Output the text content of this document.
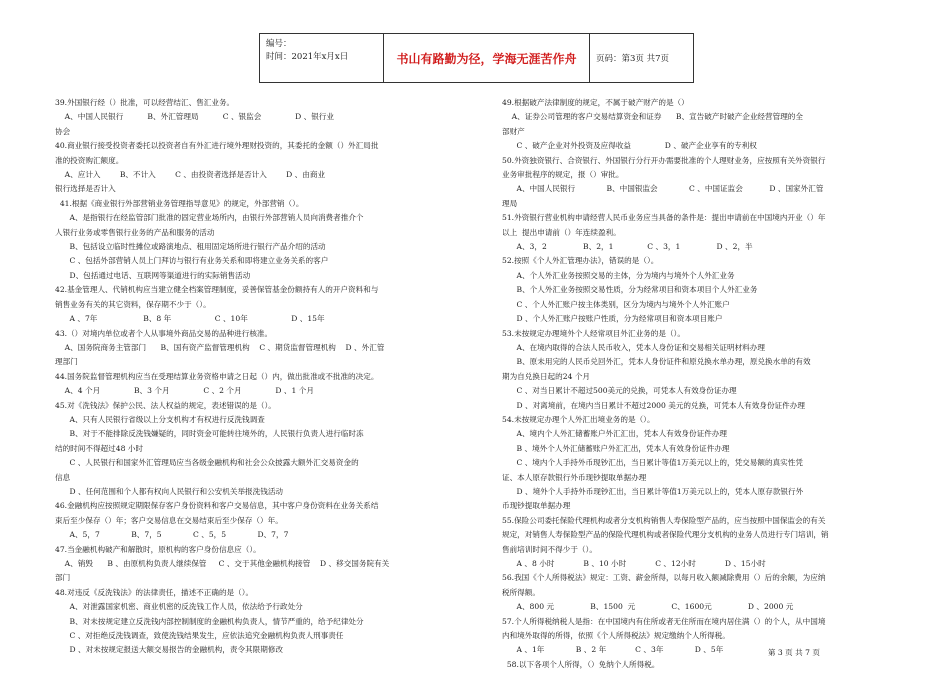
编号：
时间：2021年x月x日	书山有路勤为径，学海无涯苦作舟	页码：第3页 共7页
39.外国银行经（）批准，可以经营结汇、售汇业务。
A、中国人民银行          B、外汇管理局          C 、银监会              D 、银行业
协会
40.商业银行接受投资者委托以投资者自有外汇进行境外理财投资的，其委托的金额（）外汇局批
准的投资购汇额度。
A、应计入        B、不计入        C 、由投资者选择是否计入        D 、由商业
银行选择是否计入
41.根据《商业银行外部营销业务管理指导意见》的规定，外部营销（）。
A、是指银行在经监管部门批准的固定营业场所内，由银行外部营销人员向消费者推介个
人银行业务或零售银行业务的产品和服务的活动
B、包括设立临时性摊位或路演地点、租用固定场所进行银行产品介绍的活动
C 、包括外部营销人员上门拜访与银行有业务关系和即将建立业务关系的客户
D、包括通过电话、互联网等渠道进行的实际销售活动
42.基金管理人、代销机构应当建立健全档案管理制度，妥善保管基金份额持有人的开户资料和与
销售业务有关的其它资料，保存期不少于（）。
A 、7年                   B、8 年                  C 、10年                  D 、15年
43.（）对境内单位或者个人从事境外商品交易的品种进行核准。
A、国务院商务主管部门      B、国有资产监督管理机构    C 、期货监督管理机构    D 、外汇管
理部门
44.国务院监督管理机构应当在受理结算业务资格申请之日起（）内，做出批准或不批准的决定。
A、4 个月              B、3 个月              C 、2 个月              D 、1 个月
45.对《洗钱法》保护公民、法人权益的规定，表述错误的是（）。
A、只有人民银行省级以上分支机构才有权进行反洗钱调查
B、对于不能排除反洗钱嫌疑的，同时资金可能转往境外的，人民银行负责人进行临时冻
结的时间不得超过48 小时
C 、人民银行和国家外汇管理局应当各级金融机构和社会公众披露大额外汇交易资金的
信息
D 、任何范围和个人都有权向人民银行和公安机关举报洗钱活动
46.金融机构应按照规定期限保存客户身份资料和客户交易信息，其中客户身份资料在业务关系结
束后至少保存（）年；客户交易信息在交易结束后至少保存（）年。
A、5，7             B、7，5             C 、5，5             D、7，7
47.当金融机构破产和解散时，原机构的客户身份信息应（）。
A、销毁      B 、由原机构负责人继续保管     C 、交于其他金融机构接管    D 、移交国务院有关
部门
48.对违反《反洗钱法》的法律责任，描述不正确的是（）。
A、对泄露国家机密、商业机密的反洗钱工作人员，依法给予行政处分
B、对未按规定建立反洗钱内部控制制度的金融机构负责人，情节严重的，给予纪律处分
C 、对拒绝反洗钱调查，致使洗钱结果发生，应依法追究金融机构负责人刑事责任
D 、对未按规定报送大额交易报告的金融机构，责令其限期修改
49.根据破产法律制度的规定，不属于破产财产的是（）
A、证券公司管理的客户交易结算资金和证券      B、宣告破产时破产企业经营管理的全
部财产
C 、破产企业对外投资及应得收益              D 、破产企业享有的专利权
50.外资独资银行、合资银行、外国银行分行开办需要批准的个人理财业务，应按照有关外资银行
业务审批程序的规定，报（）审批。
A、中国人民银行             B、中国银监会             C 、中国证监会           D 、国家外汇管
理局
51.外资银行营业机构申请经营人民币业务应当具备的条件是：提出申请前在中国境内开业（）年
以上  提出申请前（）年连续盈利。
A、3，2               B、2，1              C 、3，1               D 、2，半
52.按照《个人外汇管理办法》，错误的是（）。
A、个人外汇业务按照交易的主体，分为境内与境外个人外汇业务
B、个人外汇业务按照交易性质，分为经常项目和资本项目个人外汇业务
C 、个人外汇账户按主体类别，区分为境内与境外个人外汇账户
D 、个人外汇账户按账户性质，分为经常项目和资本项目账户
53.未按规定办理境外个人经常项目外汇业务的是（）。
A、在境内取得的合法人民币收入，凭本人身份证和交易相关证明材料办理
B、原未用完的人民币兑回外汇，凭本人身份证件和原兑换水单办理，原兑换水单的有效
期为自兑换日起的24 个月
C 、对当日累计不超过500美元的兑换，可凭本人有效身份证办理
D 、对离境前，在境内当日累计不超过2000 美元的兑换，可凭本人有效身份证件办理
54.未按规定办理个人外汇出境业务的是（）。
A、境内个人外汇储蓄账户外汇汇出，凭本人有效身份证件办理
B 、境外个人外汇储蓄账户外汇汇出，凭本人有效身份证件办理
C 、境内个人手持外币现钞汇出，当日累计等值1万美元以上的，凭交易额的真实性凭
证、本人原存款银行外币现钞提取单据办理
D 、境外个人手持外币现钞汇出，当日累计等值1万美元以上的，凭本人原存款银行外
币现钞提取单据办理
55.保险公司委托保险代理机构或者分支机构销售人寿保险型产品的，应当按照中国保监会的有关
规定，对销售人寿保险型产品的保险代理机构或者保险代理分支机构的业务人员进行专门培训，销
售前培训时间不得少于（）。
A 、8 小时            B 、10 小时            C 、12小时            D 、15小时
56.我国《个人所得税法》规定：工资、薪金所得，以每月收入额减除费用（）后的余额，为应纳
税所得额。
A、800 元               B、1500  元               C、1600元               D 、2000 元
57.个人所得税纳税人是指：在中国境内有住所或者无住所而在境内居住满（）的个人，从中国境
内和境外取得的所得，依照《个人所得税法》规定缴纳个人所得税。
A 、1年             B 、2 年            C 、3年             D 、5年
58.以下各项个人所得，（）免纳个人所得税。
第 3 页 共 7 页
